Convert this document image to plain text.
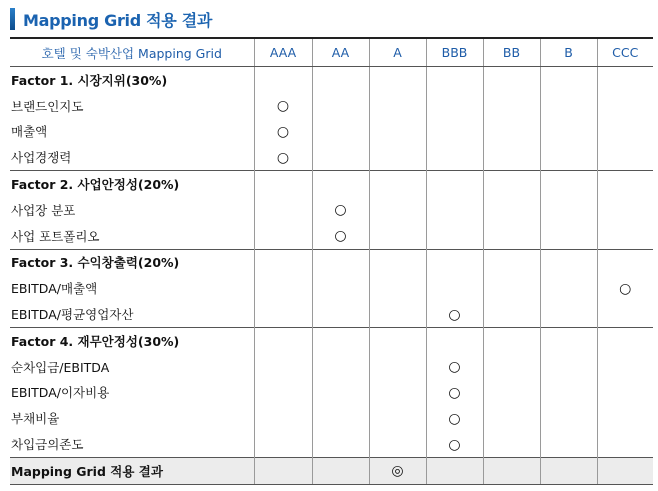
Mapping Grid 적용 결과
호텔 및 숙박산업 Mapping Grid	AAA	AA	A	BBB	BB	B	CCC
Factor 1. 시장지위(30%)							
브랜드인지도	○						
매출액	○						
사업경쟁력	○						
Factor 2. 사업안정성(20%)							
사업장 분포		○					
사업 포트폴리오		○					
Factor 3. 수익창출력(20%)							
EBITDA/매출액							○
EBITDA/평균영업자산				○			
Factor 4. 재무안정성(30%)							
순차입금/EBITDA				○			
EBITDA/이자비용				○			
부채비율				○			
차입금의존도				○			
Mapping Grid 적용 결과			◎				
